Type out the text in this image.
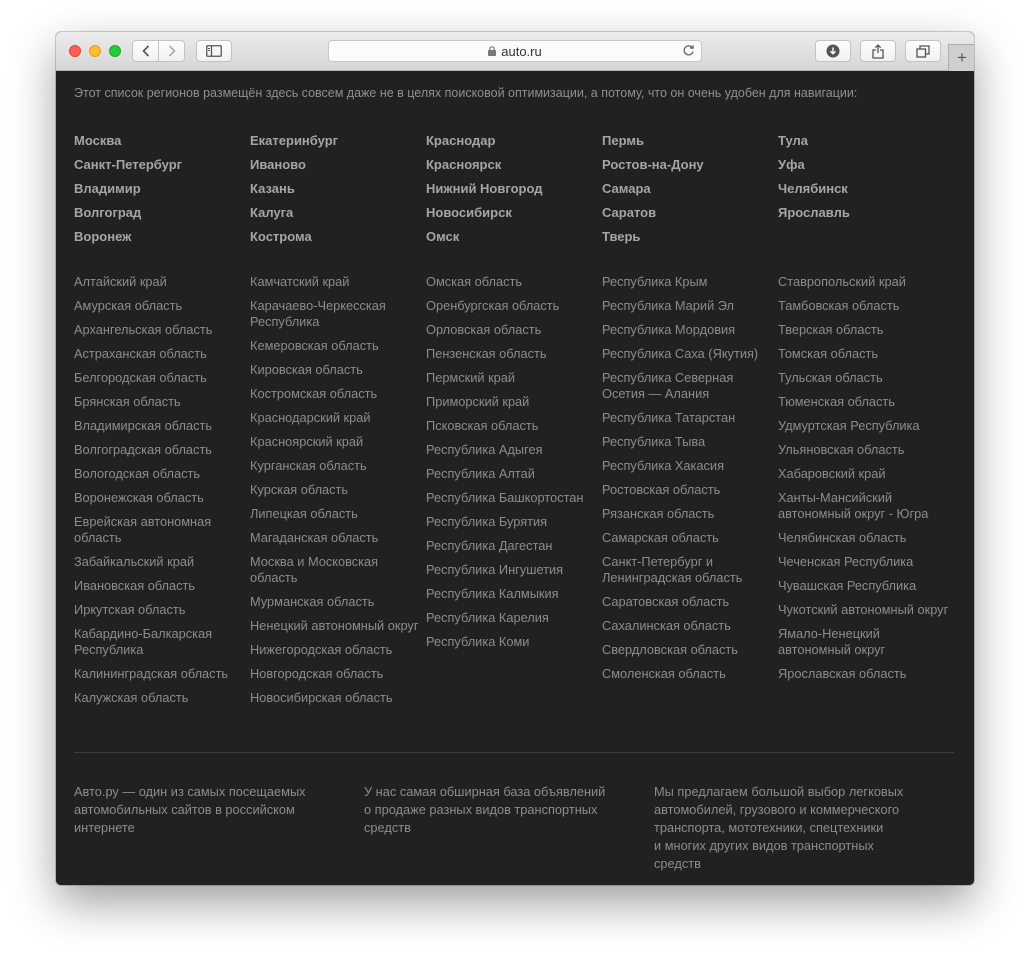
auto.ru	+
Этот список регионов размещён здесь совсем даже не в целях поисковой оптимизации, а потому, что он очень удобен для навигации:
Москва
Санкт-Петербург
Владимир
Волгоград
Воронеж
Екатеринбург
Иваново
Казань
Калуга
Кострома
Краснодар
Красноярск
Нижний Новгород
Новосибирск
Омск
Пермь
Ростов-на-Дону
Самара
Саратов
Тверь
Тула
Уфа
Челябинск
Ярославль
Алтайский край
Амурская область
Архангельская область
Астраханская область
Белгородская область
Брянская область
Владимирская область
Волгоградская область
Вологодская область
Воронежская область
Еврейская автономная область
Забайкальский край
Ивановская область
Иркутская область
Кабардино-Балкарская Республика
Калининградская область
Калужская область
Камчатский край
Карачаево-Черкесская Республика
Кемеровская область
Кировская область
Костромская область
Краснодарский край
Красноярский край
Курганская область
Курская область
Липецкая область
Магаданская область
Москва и Московская область
Мурманская область
Ненецкий автономный округ
Нижегородская область
Новгородская область
Новосибирская область
Омская область
Оренбургская область
Орловская область
Пензенская область
Пермский край
Приморский край
Псковская область
Республика Адыгея
Республика Алтай
Республика Башкортостан
Республика Бурятия
Республика Дагестан
Республика Ингушетия
Республика Калмыкия
Республика Карелия
Республика Коми
Республика Крым
Республика Марий Эл
Республика Мордовия
Республика Саха (Якутия)
Республика Северная Осетия — Алания
Республика Татарстан
Республика Тыва
Республика Хакасия
Ростовская область
Рязанская область
Самарская область
Санкт-Петербург и Ленинградская область
Саратовская область
Сахалинская область
Свердловская область
Смоленская область
Ставропольский край
Тамбовская область
Тверская область
Томская область
Тульская область
Тюменская область
Удмуртская Республика
Ульяновская область
Хабаровский край
Ханты-Мансийский автономный округ - Югра
Челябинская область
Чеченская Республика
Чувашская Республика
Чукотский автономный округ
Ямало-Ненецкий автономный округ
Ярославская область
Авто.ру — один из самых посещаемых
автомобильных сайтов в российском
интернете
У нас самая обширная база объявлений
о продаже разных видов транспортных
средств
Мы предлагаем большой выбор легковых
автомобилей, грузового и коммерческого
транспорта, мототехники, спецтехники
и многих других видов транспортных
средств
